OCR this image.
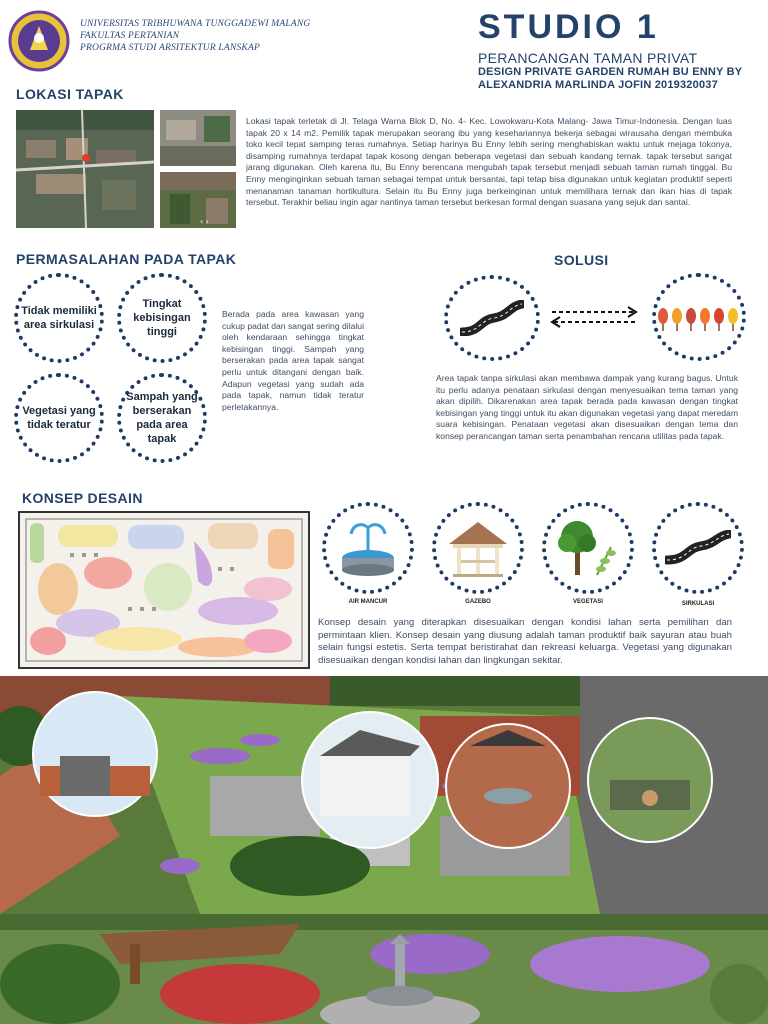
UNIVERSITAS TRIBHUWANA TUNGGADEWI MALANG
FAKULTAS PERTANIAN
PROGRMA STUDI ARSITEKTUR LANSKAP
STUDIO 1
PERANCANGAN TAMAN PRIVAT
DESIGN PRIVATE GARDEN RUMAH BU ENNY BY
ALEXANDRIA MARLINDA JOFIN 2019320037
LOKASI TAPAK
‹ ›
Lokasi tapak terletak di Jl. Telaga Warna Blok D, No. 4- Kec. Lowokwaru-Kota Malang- Jawa Timur-Indonesia. Dengan luas tapak 20 x 14 m2. Pemilik tapak merupakan seorang ibu yang kesehariannya bekerja sebagai wirausaha dengan membuka toko kecil tepat samping teras rumahnya. Setiap harinya Bu Enny lebih sering menghabiskan waktu untuk mejaga tokonya, disamping rumahnya terdapat tapak kosong dengan beberapa vegetasi dan sebuah kandang ternak. tapak tersebut sangat jarang digunakan. Oleh karena itu, Bu Enny berencana mengubah tapak tersebut menjadi sebuah taman rumah tinggal. Bu Enny menginginkan sebuah taman sebagai tempat untuk bersantai, tapi tetap bisa digunakan untuk kegiatan produktif seperti menanaman tanaman hortikultura. Selain itu Bu Enny juga berkeinginan untuk memilihara ternak dan ikan hias di tapak tersebut. Terakhir beliau ingin agar nantinya taman tersebut berkesan formal dengan suasana yang sejuk dan santai.
PERMASALAHAN PADA TAPAK
Tidak memiliki area sirkulasi
Tingkat kebisingan tinggi
Vegetasi yang tidak teratur
Sampah yang berserakan pada area tapak
Berada pada area kawasan yang cukup padat dan sangat sering dilalui oleh kendaraan sehingga tingkat kebisingan tinggi. Sampah yang berserakan pada area tapak sangat perlu untuk ditangani dengan baik. Adapun vegetasi yang sudah ada pada tapak, namun tidak teratur perletakannya.
SOLUSI
Area tapak tanpa sirkulasi akan membawa dampak yang kurang bagus. Untuk itu perlu adanya penataan sirkulasi dengan menyesuaikan tema taman yang akan dipilih. Dikarenakan area tapak berada pada kawasan dengan tingkat kebisingan yang tinggi untuk itu akan digunakan vegetasi yang dapat meredam suara kebisingan. Penataan vegetasi akan disesuaikan dengan tema dan konsep perancangan taman serta penambahan rencana utilitas pada tapak.
KONSEP DESAIN
AIR MANCUR	GAZEBO	VEGETASI	SIRKULASI
Konsep desain yang diterapkan disesuaikan dengan kondisi lahan serta pemilihan dan permintaan klien. Konsep desain yang diusung adalah taman produktif baik sayuran atau buah selain fungsi estetis. Serta tempat beristirahat dan rekreasi keluarga. Vegetasi yang digunakan disesuaikan dengan kondisi lahan dan lingkungan sekitar.
